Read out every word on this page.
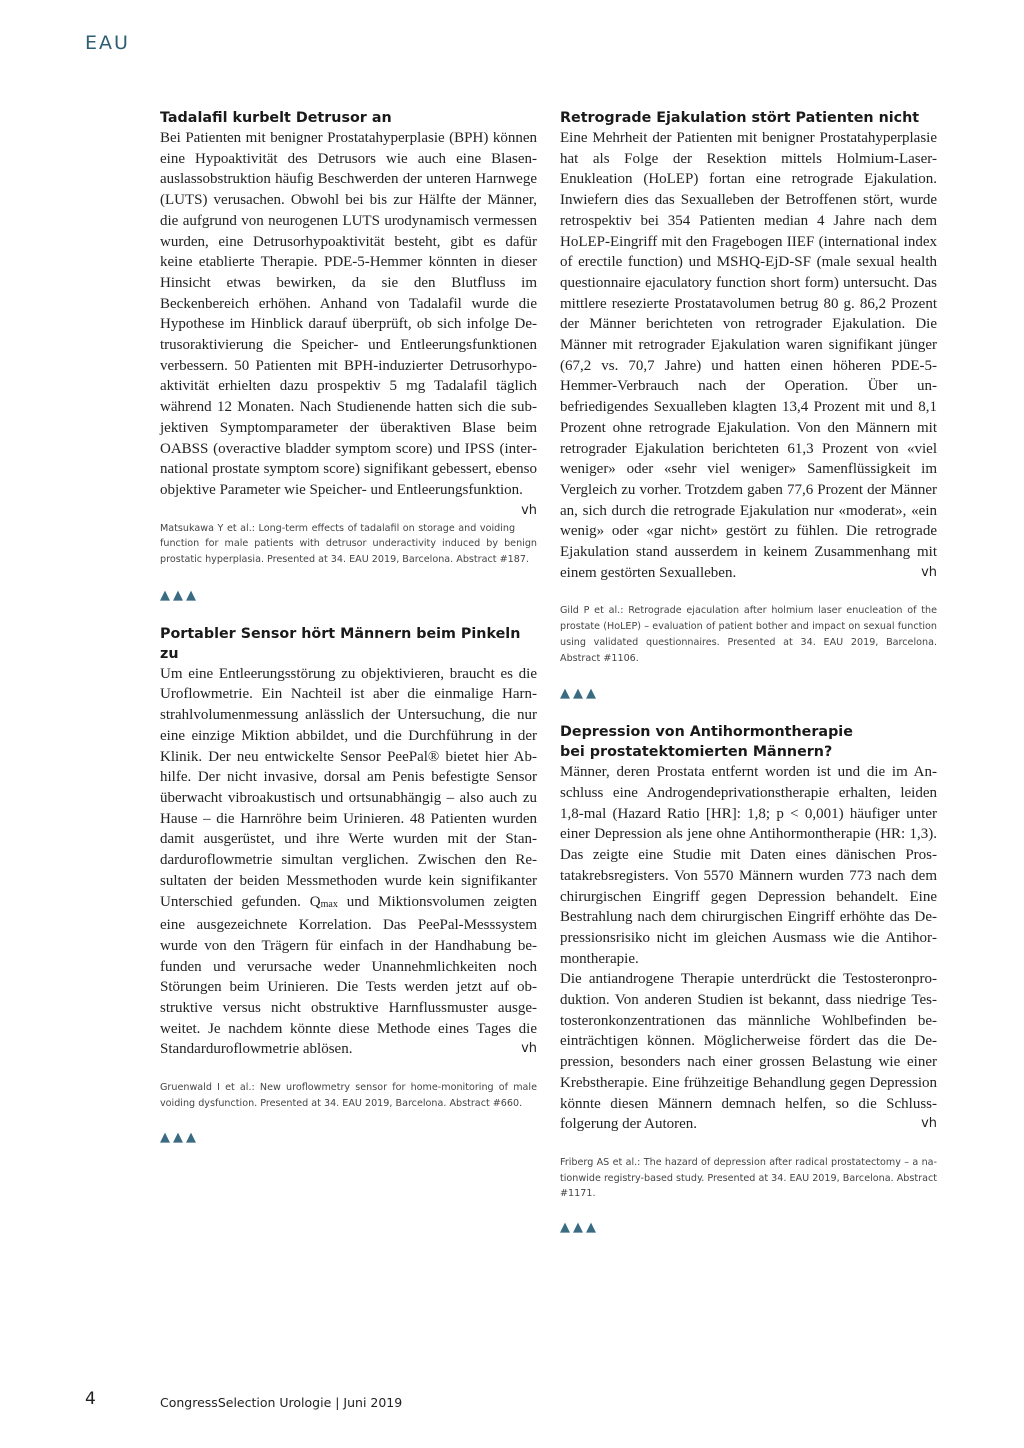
EAU
Tadalafil kurbelt Detrusor an

Bei Patienten mit benigner Prostatahyperplasie (BPH) können eine Hypoaktivität des Detrusors wie auch eine Blasenauslassobstruktion häufig Beschwerden der unteren Harnwege (LUTS) verusachen. Obwohl bei bis zur Hälfte der Männer, die aufgrund von neurogenen LUTS urodynamisch vermessen wurden, eine Detrusorhypoaktivität besteht, gibt es dafür keine etablierte Therapie. PDE-5-Hemmer könnten in dieser Hinsicht etwas bewirken, da sie den Blutfluss im Beckenbereich erhöhen. Anhand von Tadalafil wurde die Hypothese im Hinblick darauf überprüft, ob sich infolge Detrusoraktivierung die Speicher- und Entleerungsfunktionen verbessern. 50 Patienten mit BPH-induzierter Detrusorhypoaktivität erhielten dazu prospektiv 5 mg Tadalafil täglich während 12 Monaten. Nach Studienende hatten sich die subjektiven Symptomparameter der überaktiven Blase beim OABSS (overactive bladder symptom score) und IPSS (international prostate symptom score) signifikant gebessert, ebenso objektive Parameter wie Speicher- und Entleerungsfunktion.
vh

Matsukawa Y et al.: Long-term effects of tadalafil on storage and voiding function for male patients with detrusor underactivity induced by benign prostatic hyperplasia. Presented at 34. EAU 2019, Barcelona. Abstract #187.

▲▲▲
Portabler Sensor hört Männern beim Pinkeln zu

Um eine Entleerungsstörung zu objektivieren, braucht es die Uroflowmetrie. Ein Nachteil ist aber die einmalige Harnstrahlvolumenmessung anlässlich der Untersuchung, die nur eine einzige Miktion abbildet, und die Durchführung in der Klinik. Der neu entwickelte Sensor PeePal® bietet hier Abhilfe. Der nicht invasive, dorsal am Penis befestigte Sensor überwacht vibroakustisch und ortsunabhängig – also auch zu Hause – die Harnröhre beim Urinieren. 48 Patienten wurden damit ausgerüstet, und ihre Werte wurden mit der Standarduroflowmetrie simultan verglichen. Zwischen den Resultaten der beiden Messmethoden wurde kein signifikanter Unterschied gefunden. $Q_{max}$ und Miktionsvolumen zeigten eine ausgezeichnete Korrelation. Das PeePal-Messsystem wurde von den Trägern für einfach in der Handhabung befunden und verursache weder Unannehmlichkeiten noch Störungen beim Urinieren. Die Tests werden jetzt auf obstruktive versus nicht obstruktive Harnflussmuster ausgeweitet. Je nachdem könnte diese Methode eines Tages die Standarduroflowmetrie ablösen.	vh

Gruenwald I et al.: New uroflowmetry sensor for home-monitoring of male voiding dysfunction. Presented at 34. EAU 2019, Barcelona. Abstract #660.

▲▲▲
Retrograde Ejakulation stört Patienten nicht

Eine Mehrheit der Patienten mit benigner Prostatahyperplasie hat als Folge der Resektion mittels Holmium-Laser-Enukleation (HoLEP) fortan eine retrograde Ejakulation. Inwiefern dies das Sexualleben der Betroffenen stört, wurde retrospektiv bei 354 Patienten median 4 Jahre nach dem HoLEP-Eingriff mit den Fragebogen IIEF (international index of erectile function) und MSHQ-EjD-SF (male sexual health questionnaire ejaculatory function short form) untersucht. Das mittlere resezierte Prostatavolumen betrug 80 g. 86,2 Prozent der Männer berichteten von retrograder Ejakulation. Die Männer mit retrograder Ejakulation waren signifikant jünger (67,2 vs. 70,7 Jahre) und hatten einen höheren PDE-5-Hemmer-Verbrauch nach der Operation. Über unbefriedigendes Sexualleben klagten 13,4 Prozent mit und 8,1 Prozent ohne retrograde Ejakulation. Von den Männern mit retrograder Ejakulation berichteten 61,3 Prozent von «viel weniger» oder «sehr viel weniger» Samenflüssigkeit im Vergleich zu vorher. Trotzdem gaben 77,6 Prozent der Männer an, sich durch die retrograde Ejakulation nur «moderat», «ein wenig» oder «gar nicht» gestört zu fühlen. Die retrograde Ejakulation stand ausserdem in keinem Zusammenhang mit einem gestörten Sexualleben.	vh

Gild P et al.: Retrograde ejaculation after holmium laser enucleation of the prostate (HoLEP) – evaluation of patient bother and impact on sexual function using validated questionnaires. Presented at 34. EAU 2019, Barcelona. Abstract #1106.

▲▲▲
Depression von Antihormontherapie
bei prostatektomierten Männern?

Männer, deren Prostata entfernt worden ist und die im Anschluss eine Androgendeprivationstherapie erhalten, leiden 1,8-mal (Hazard Ratio [HR]: 1,8; p < 0,001) häufiger unter einer Depression als jene ohne Antihormontherapie (HR: 1,3). Das zeigte eine Studie mit Daten eines dänischen Prostatakrebsregisters. Von 5570 Männern wurden 773 nach dem chirurgischen Eingriff gegen Depression behandelt. Eine Bestrahlung nach dem chirurgischen Eingriff erhöhte das Depressionsrisiko nicht im gleichen Ausmass wie die Antihormontherapie.

Die antiandrogene Therapie unterdrückt die Testosteronproduktion. Von anderen Studien ist bekannt, dass niedrige Testosteronkonzentrationen das männliche Wohlbefinden beeinträchtigen können. Möglicherweise fördert das die Depression, besonders nach einer grossen Belastung wie einer Krebstherapie. Eine frühzeitige Behandlung gegen Depression könnte diesen Männern demnach helfen, so die Schlussfolgerung der Autoren.	vh

Friberg AS et al.: The hazard of depression after radical prostatectomy – a nationwide registry-based study. Presented at 34. EAU 2019, Barcelona. Abstract #1171.

▲▲▲
4	CongressSelection Urologie | Juni 2019
